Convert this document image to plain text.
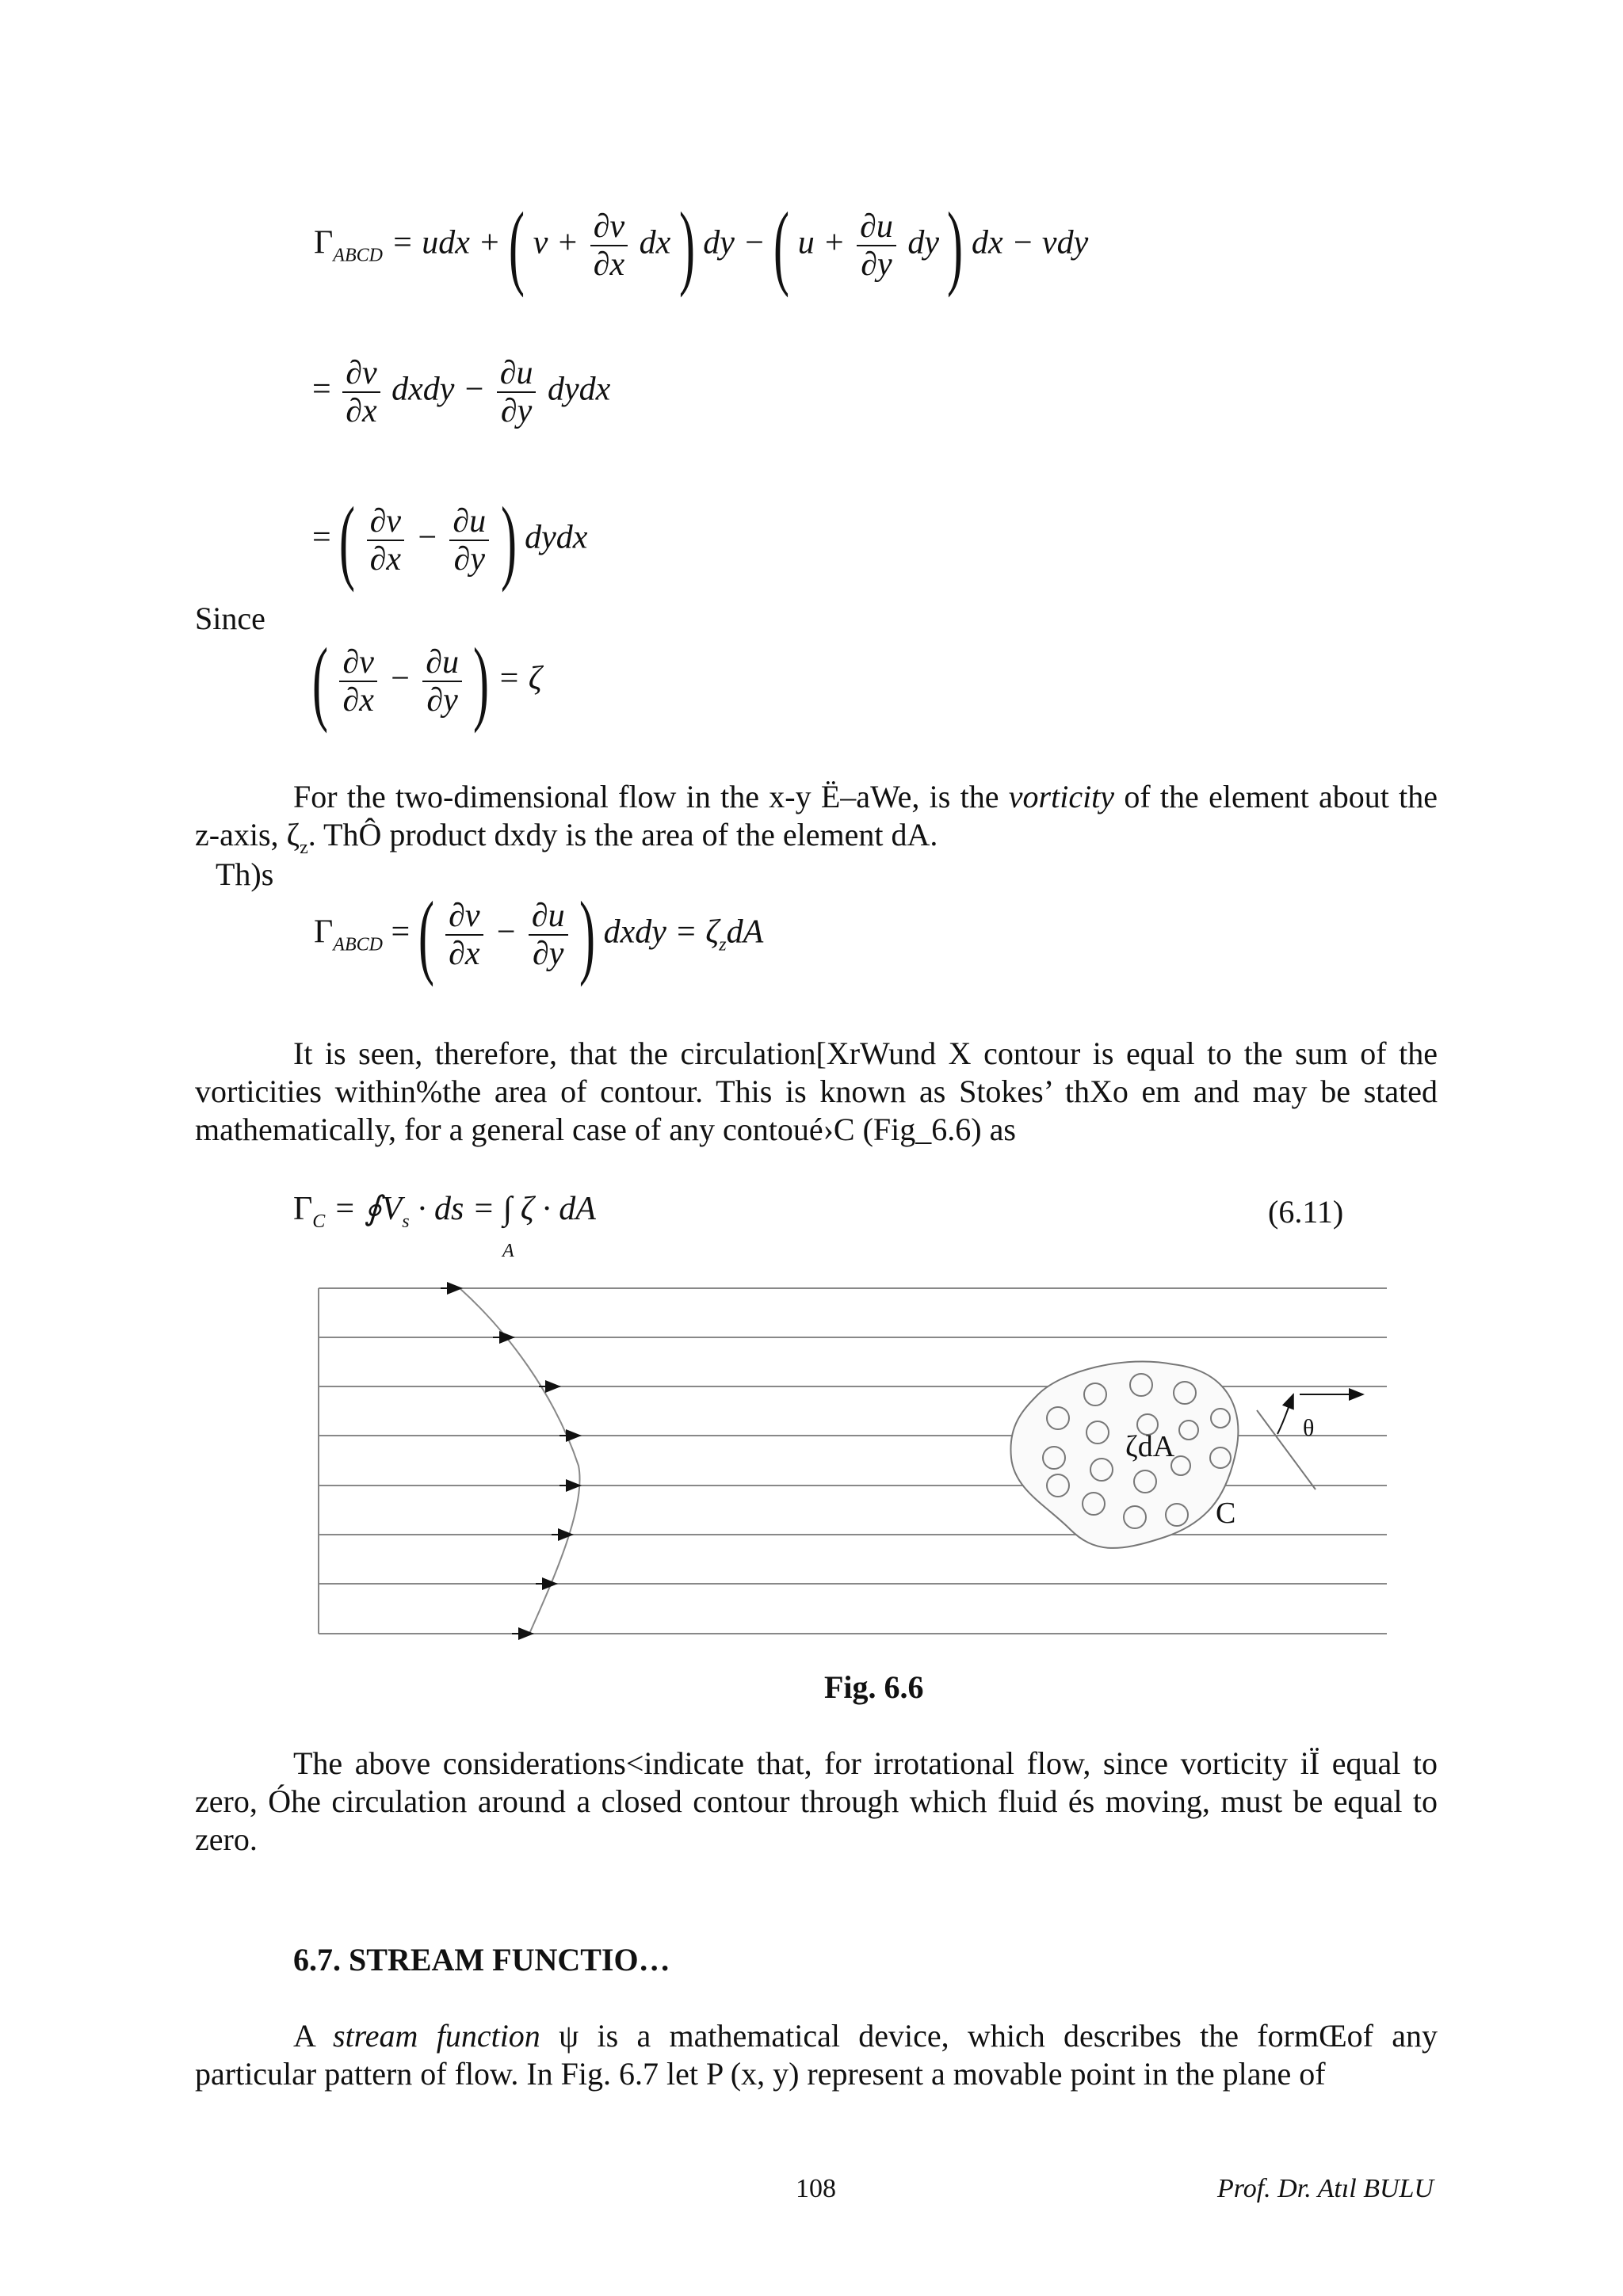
$\Gamma_{ABCD}$ = udx + ( $v + \frac{\partial v}{\partial x}$ dx ) dy − ( $u + \frac{\partial u}{\partial y}$ dy ) dx − vdy
= $\frac{\partial v}{\partial x}$ dxdy − $\frac{\partial u}{\partial y}$ dydx
= ( $\frac{\partial v}{\partial x} - \frac{\partial u}{\partial y}$ ) dydx
Since
( $\frac{\partial v}{\partial x} - \frac{\partial u}{\partial y}$ ) = ζ
For the two-dimensional flow in the x-y Ë–aWe, is the vorticity of the element about the z-axis, $\zeta_z$. ThÔ product dxdy is the area of the element dA.
Th)s
$\Gamma_{ABCD}$ = ( $\frac{\partial v}{\partial x} - \frac{\partial u}{\partial y}$ ) dxdy = $\zeta_zdA$
It is seen, therefore, that the circulation[XrWund X contour is equal to the sum of the vorticities within%the area of contour. This is known as Stokes’ thXo em and may be stated mathematically, for a general case of any contoué›C (Fig_6.6) as
$\Gamma_C$ = $∮V_s$ · ds = ∫ ζ · dA
A
(6.11)
ζdA
C
θ
Fig. 6.6
The above considerations<indicate that, for irrotational flow, since vorticity iÏ equal to zero, Óhe circulation around a closed contour through which fluid és moving, must be equal to zero.
6.7. STREAM FUNCTIO…
A stream function ψ is a mathematical device, which describes the formŒof any particular pattern of flow. In Fig. 6.7 let P (x, y) represent a movable point in the plane of
108	Prof. Dr. Atıl BULU
